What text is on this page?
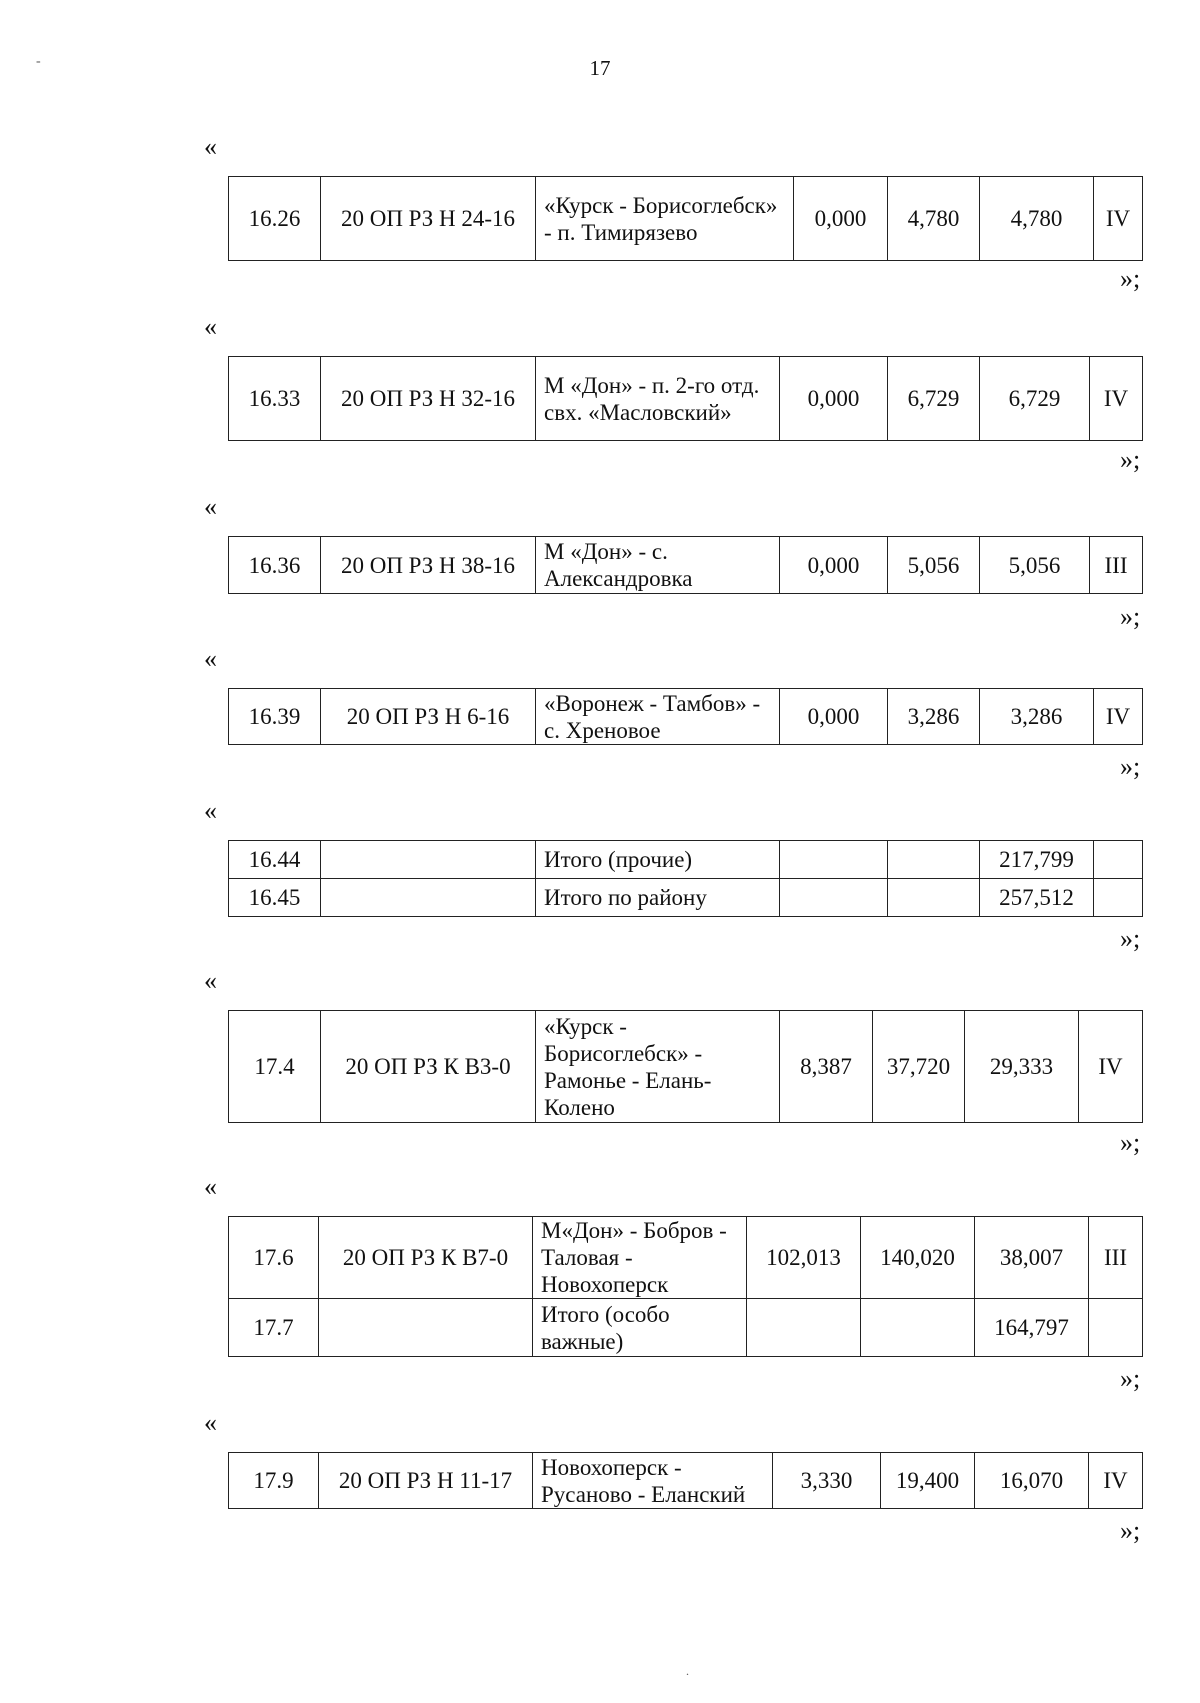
-	17
«
16.26	20 ОП РЗ Н 24-16	«Курск - Борисоглебск» - п. Тимирязево	0,000	4,780	4,780	IV
»;
«
16.33	20 ОП РЗ Н 32-16	М «Дон» - п. 2-го отд. свх. «Масловский»	0,000	6,729	6,729	IV
»;
«
16.36	20 ОП РЗ Н 38-16	М «Дон» - с. Александровка	0,000	5,056	5,056	III
»;
«
16.39	20 ОП РЗ Н 6-16	«Воронеж - Тамбов» - с. Хреновое	0,000	3,286	3,286	IV
»;
«
16.44		Итого (прочие)			217,799	
16.45		Итого по району			257,512	
»;
«
17.4	20 ОП РЗ К В3-0	«Курск - Борисоглебск» - Рамонье - Елань-Колено	8,387	37,720	29,333	IV
»;
«
17.6	20 ОП РЗ К В7-0	М«Дон» - Бобров - Таловая - Новохоперск	102,013	140,020	38,007	III
17.7		Итого (особо важные)			164,797	
»;
«
17.9	20 ОП РЗ Н 11-17	Новохоперск - Русаново - Еланский	3,330	19,400	16,070	IV
»;
.
